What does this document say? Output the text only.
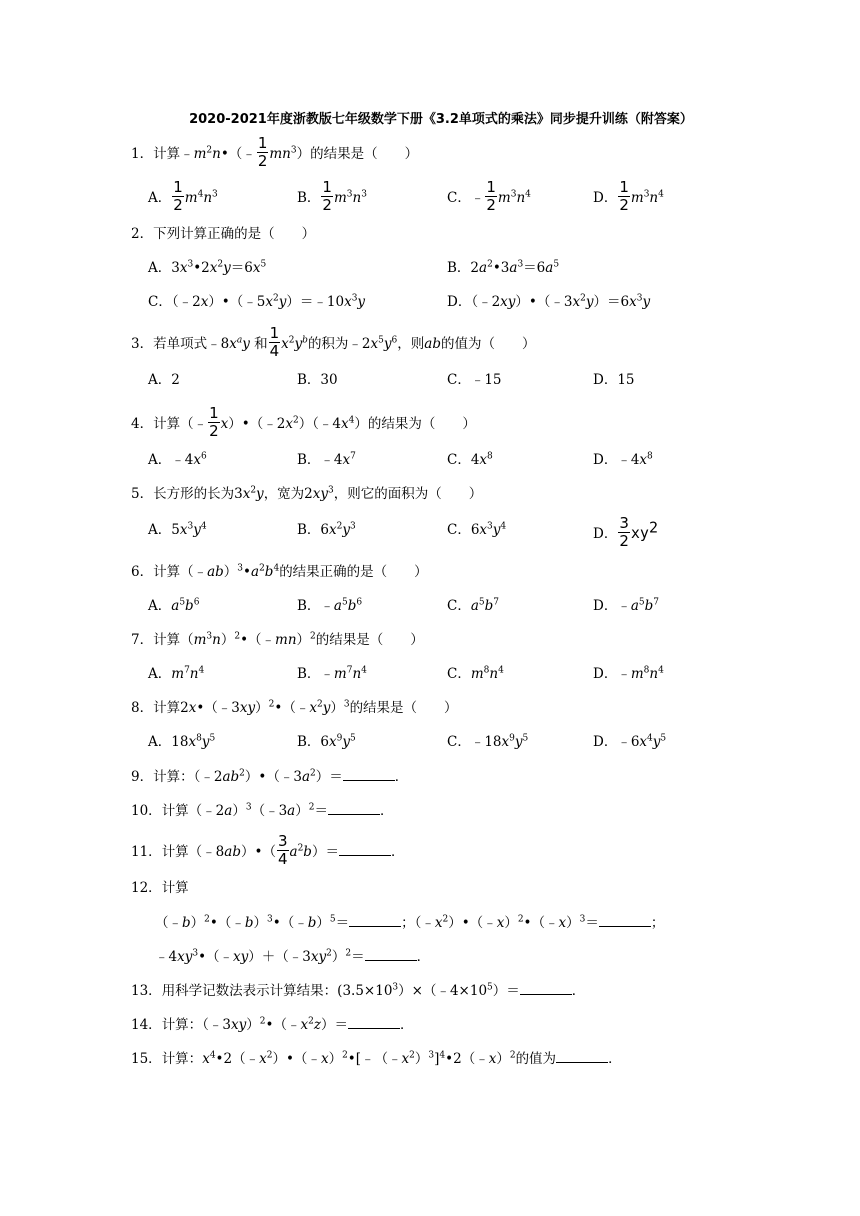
2020-2021年度浙教版七年级数学下册《3.2单项式的乘法》同步提升训练（附答案）
1．计算$﹣m^2n•(﹣ \frac{1}{2} mn^3)$的结果是（　　）
A． $\frac{1}{2} m^4n^3$	B． $\frac{1}{2} m^3n^3$	C．﹣ $\frac{1}{2} m^3n^4$	D． $\frac{1}{2} m^3n^4$
2．下列计算正确的是（　　）
A．$3x^3•2x^2y=6x^5$	B．$2a^2•3a^3=6a^5$
C．$(﹣2x)•(﹣5x^2y)=﹣10x^3y$	D．$(﹣2xy)•(﹣3x^2y)=6x^3y$
3．若单项式$﹣8x^ay$ 和 $\frac{1}{4} x^2y^b$的积为$﹣2x^5y^6$，则ab的值为（　　）
A．2	B．30	C．﹣15	D．15
4．计算（﹣ $\frac{1}{2}$ $x)•(﹣2x^2)(﹣4x^4)$的结果为（　　）
A．$﹣4x^6$	B．$﹣4x^7$	C．$4x^8$	D．$﹣4x^8$
5．长方形的长为$3x^2y$，宽为$2xy^3$，则它的面积为（　　）
A．$5x^3y^4$	B．$6x^2y^3$	C．$6x^3y^4$	D． $\frac{3}{2} xy^2$
6．计算$(﹣ab)^3•a^2b^4$的结果正确的是（　　）
A．$a^5b^6$	B．$﹣a^5b^6$	C．$a^5b^7$	D．$﹣a^5b^7$
7．计算$(m^3n)^2•(﹣mn)^2$的结果是（　　）
A．$m^7n^4$	B．$﹣m^7n^4$	C．$m^8n^4$	D．$﹣m^8n^4$
8．计算$2x•(﹣3xy)^2•(﹣x^2y)^3$的结果是（　　）
A．$18x^8y^5$	B．$6x^9y^5$	C．$﹣18x^9y^5$	D．$﹣6x^4y^5$
9．计算：$(﹣2ab^2)•(﹣3a^2)=$	．
10．计算（﹣2a）$^3$（﹣3a）$^2$＝	．
11．计算（﹣8ab）•（ $\frac{3}{4} a^2b)=$	．
12．计算
（﹣b）$^2$•（﹣b）$^3$•（﹣b）$^5$＝	；$(﹣x^2)•(﹣x)^2•(﹣x)^3=$	；
$﹣4xy^3•(﹣xy)+(﹣3xy^2)^2=$	．
13．用科学记数法表示计算结果：$(3.5\times 10^3)\times(﹣4\times 10^5)=$	．
14．计算：$(﹣3xy)^2•(﹣x^2z)=$	．
15．计算：$x^4•2(﹣x^2)•(﹣x)^2•[﹣(﹣x^2)^3]^4•2(﹣x)^2$的值为	．
